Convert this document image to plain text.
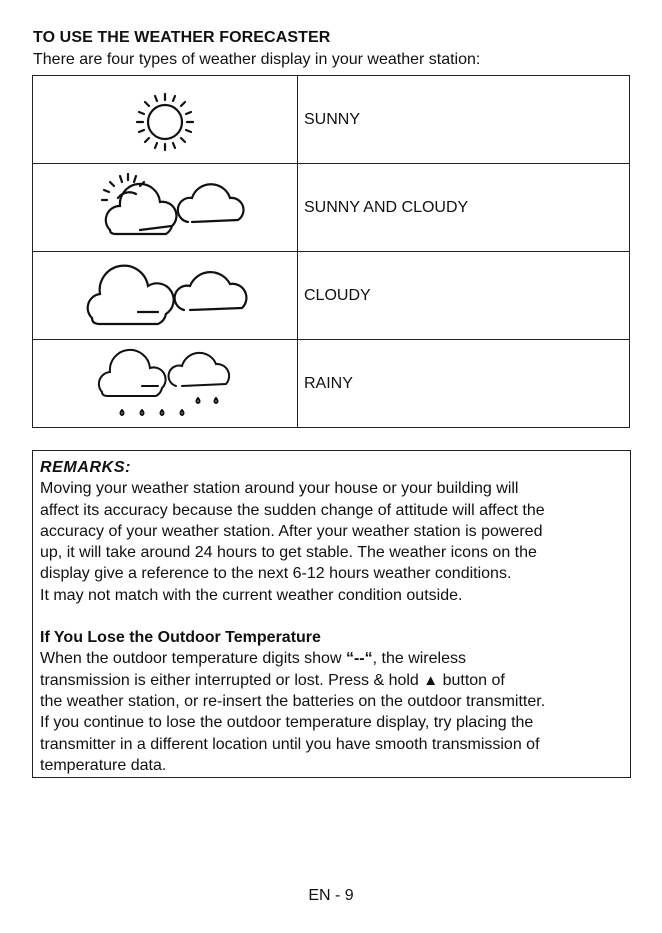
TO USE THE WEATHER FORECASTER
There are four types of weather display in your weather station:
	SUNNY

	SUNNY AND CLOUDY

	CLOUDY

	RAINY

REMARKS:

Moving your weather station around your house or your building will

affect its accuracy because the sudden change of attitude will affect the

accuracy of your weather station. After your weather station is powered

up, it will take around 24 hours to get stable. The weather icons on the

display give a reference to the next 6-12 hours weather conditions.

It may not match with the current weather condition outside.

If You Lose the Outdoor Temperature

When the outdoor temperature digits show “--“, the wireless

transmission is either interrupted or lost. Press & hold ▲ button of

the weather station, or re-insert the batteries on the outdoor transmitter.

If you continue to lose the outdoor temperature display, try placing the

transmitter in a different location until you have smooth transmission of

temperature data.

EN - 9
